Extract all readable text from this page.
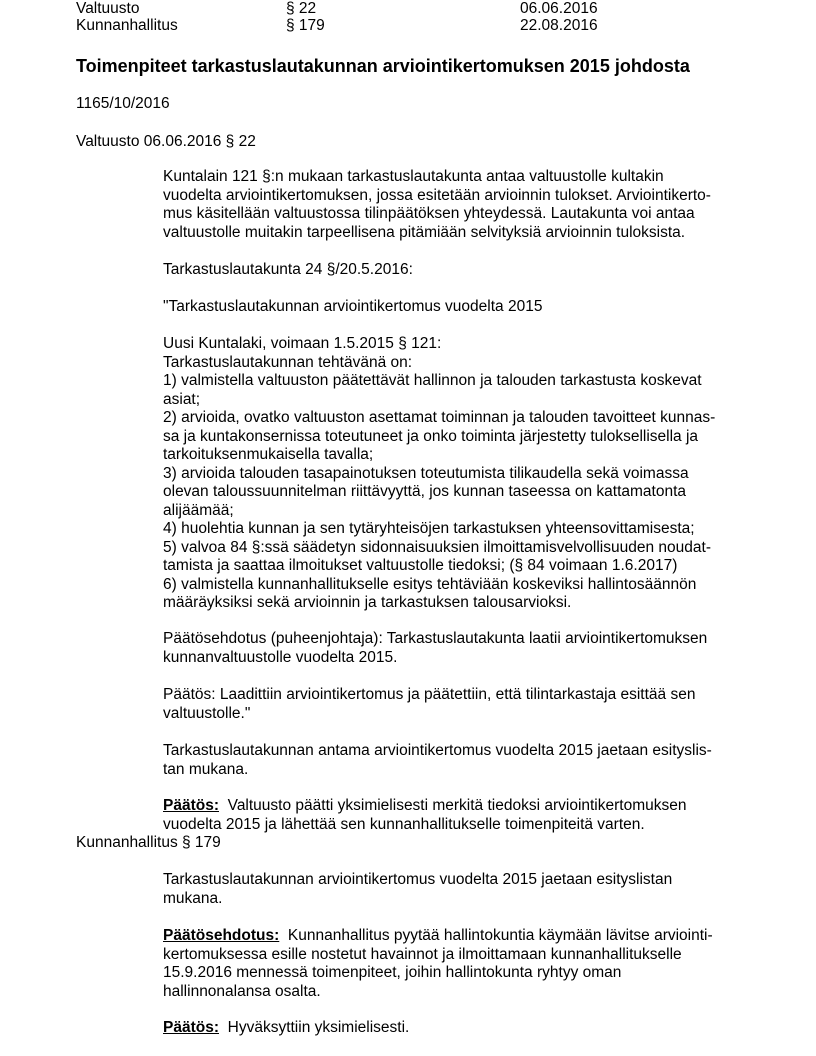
Valtuusto	§ 22	06.06.2016
Kunnanhallitus	§ 179	22.08.2016
Toimenpiteet tarkastuslautakunnan arviointikertomuksen 2015 johdosta
1165/10/2016
Valtuusto 06.06.2016 § 22
Kuntalain 121 §:n mukaan tarkastuslautakunta antaa valtuustolle kultakin
vuodelta arviointikertomuksen, jossa esitetään arvioinnin tulokset. Arviointikerto-
mus käsitellään valtuustossa tilinpäätöksen yhteydessä. Lautakunta voi antaa
valtuustolle muitakin tarpeellisena pitämiään selvityksiä arvioinnin tuloksista.
Tarkastuslautakunta 24 §/20.5.2016:
"Tarkastuslautakunnan arviointikertomus vuodelta 2015
Uusi Kuntalaki, voimaan 1.5.2015 § 121:
Tarkastuslautakunnan tehtävänä on:
1) valmistella valtuuston päätettävät hallinnon ja talouden tarkastusta koskevat
asiat;
2) arvioida, ovatko valtuuston asettamat toiminnan ja talouden tavoitteet kunnas-
sa ja kuntakonsernissa toteutuneet ja onko toiminta järjestetty tuloksellisella ja
tarkoituksenmukaisella tavalla;
3) arvioida talouden tasapainotuksen toteutumista tilikaudella sekä voimassa
olevan taloussuunnitelman riittävyyttä, jos kunnan taseessa on kattamatonta
alijäämää;
4) huolehtia kunnan ja sen tytäryhteisöjen tarkastuksen yhteensovittamisesta;
5) valvoa 84 §:ssä säädetyn sidonnaisuuksien ilmoittamisvelvollisuuden noudat-
tamista ja saattaa ilmoitukset valtuustolle tiedoksi; (§ 84 voimaan 1.6.2017)
6) valmistella kunnanhallitukselle esitys tehtäviään koskeviksi hallintosäännön
määräyksiksi sekä arvioinnin ja tarkastuksen talousarvioksi.
Päätösehdotus (puheenjohtaja): Tarkastuslautakunta laatii arviointikertomuksen
kunnanvaltuustolle vuodelta 2015.
Päätös: Laadittiin arviointikertomus ja päätettiin, että tilintarkastaja esittää sen
valtuustolle."
Tarkastuslautakunnan antama arviointikertomus vuodelta 2015 jaetaan esityslis-
tan mukana.
Päätös: Valtuusto päätti yksimielisesti merkitä tiedoksi arviointikertomuksen
vuodelta 2015 ja lähettää sen kunnanhallitukselle toimenpiteitä varten.
Kunnanhallitus § 179
Tarkastuslautakunnan arviointikertomus vuodelta 2015 jaetaan esityslistan
mukana.
Päätösehdotus: Kunnanhallitus pyytää hallintokuntia käymään lävitse arviointi-
kertomuksessa esille nostetut havainnot ja ilmoittamaan kunnanhallitukselle
15.9.2016 mennessä toimenpiteet, joihin hallintokunta ryhtyy oman
hallinnonalansa osalta.
Päätös: Hyväksyttiin yksimielisesti.
